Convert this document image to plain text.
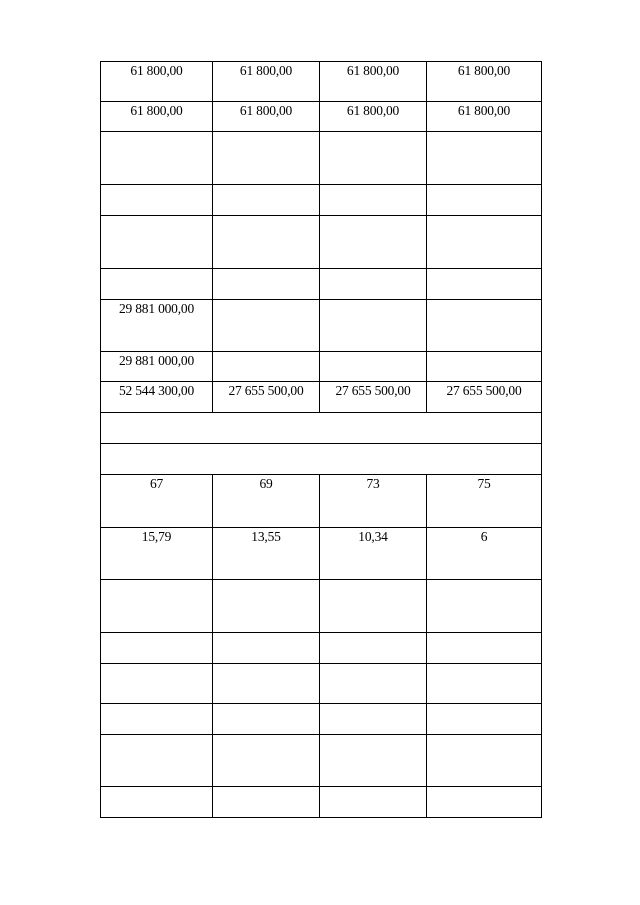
61 800,00	61 800,00	61 800,00	61 800,00

61 800,00	61 800,00	61 800,00	61 800,00

29 881 000,00			

29 881 000,00			

52 544 300,00	27 655 500,00	27 655 500,00	27 655 500,00

67	69	73	75

15,79	13,55	10,34	6
